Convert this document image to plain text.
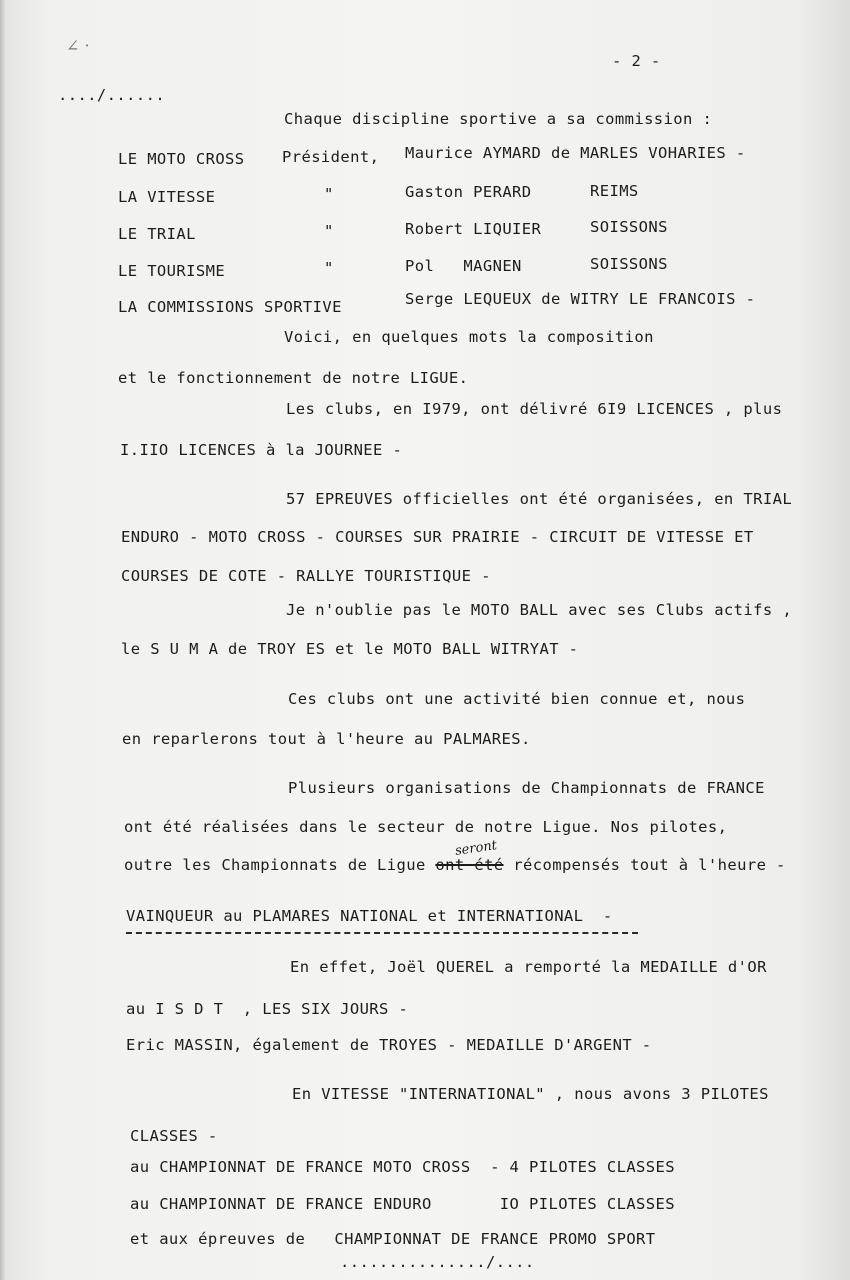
∠ ·
- 2 -
..../......
Chaque discipline sportive a sa commission :
LE MOTO CROSS Président, Maurice AYMARD de MARLES VOHARIES -
LA VITESSE	"	Gaston PERARD	REIMS
LE TRIAL	"	Robert LIQUIER	SOISSONS
LE TOURISME	"	Pol   MAGNEN	SOISSONS
LA COMMISSIONS SPORTIVE	Serge LEQUEUX de WITRY LE FRANCOIS -
Voici, en quelques mots la composition
et le fonctionnement de notre LIGUE.
Les clubs, en I979, ont délivré 6I9 LICENCES , plus
I.IIO LICENCES à la JOURNEE -
57 EPREUVES officielles ont été organisées, en TRIAL
ENDURO - MOTO CROSS - COURSES SUR PRAIRIE - CIRCUIT DE VITESSE ET
COURSES DE COTE - RALLYE TOURISTIQUE -
Je n'oublie pas le MOTO BALL avec ses Clubs actifs ,
le S U M A de TROY ES et le MOTO BALL WITRYAT -
Ces clubs ont une activité bien connue et, nous
en reparlerons tout à l'heure au PALMARES.
Plusieurs organisations de Championnats de FRANCE
ont été réalisées dans le secteur de notre Ligue. Nos pilotes,
outre les Championnats de Ligue ont été récompensés tout à l'heure -
seront
VAINQUEUR au PLAMARES NATIONAL et INTERNATIONAL  -
En effet, Joël QUEREL a remporté la MEDAILLE d'OR
au I S D T  , LES SIX JOURS -
Eric MASSIN, également de TROYES - MEDAILLE D'ARGENT -
En VITESSE "INTERNATIONAL" , nous avons 3 PILOTES
CLASSES -
au CHAMPIONNAT DE FRANCE MOTO CROSS  - 4 PILOTES CLASSES
au CHAMPIONNAT DE FRANCE ENDURO       IO PILOTES CLASSES
et aux épreuves de   CHAMPIONNAT DE FRANCE PROMO SPORT
.............../....
